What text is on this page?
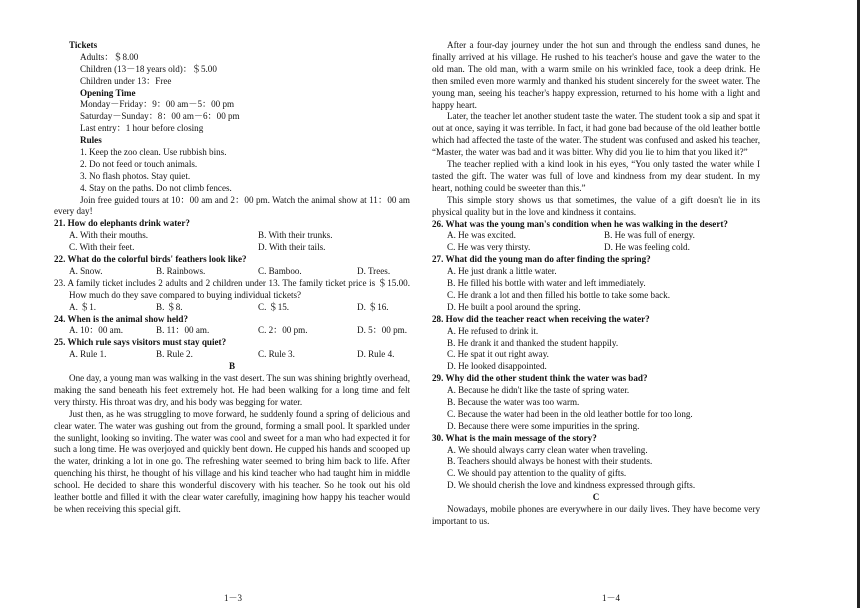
Tickets
Adults：＄8.00
Children (13－18 years old)：＄5.00
Children under 13：Free
Opening Time
Monday－Friday：9：00 am－5：00 pm
Saturday－Sunday：8：00 am－6：00 pm
Last entry：1 hour before closing
Rules
1. Keep the zoo clean. Use rubbish bins.
2. Do not feed or touch animals.
3. No flash photos. Stay quiet.
4. Stay on the paths. Do not climb fences.
Join free guided tours at 10：00 am and 2：00 pm. Watch the animal show at 11：00 am every day!
21. How do elephants drink water?
A. With their mouths.	B. With their trunks.
C. With their feet.	D. With their tails.
22. What do the colorful birds' feathers look like?
A. Snow.	B. Rainbows.	C. Bamboo.	D. Trees.
23. A family ticket includes 2 adults and 2 children under 13. The family ticket price is ＄15.00. How much do they save compared to buying individual tickets?
A. ＄1.	B. ＄8.	C. ＄15.	D. ＄16.
24. When is the animal show held?
A. 10：00 am.	B. 11：00 am.	C. 2：00 pm.	D. 5：00 pm.
25. Which rule says visitors must stay quiet?
A. Rule 1.	B. Rule 2.	C. Rule 3.	D. Rule 4.
B
One day, a young man was walking in the vast desert. The sun was shining brightly overhead, making the sand beneath his feet extremely hot. He had been walking for a long time and felt very thirsty. His throat was dry, and his body was begging for water.
Just then, as he was struggling to move forward, he suddenly found a spring of delicious and clear water. The water was gushing out from the ground, forming a small pool. It sparkled under the sunlight, looking so inviting. The water was cool and sweet for a man who had expected it for such a long time. He was overjoyed and quickly bent down. He cupped his hands and scooped up the water, drinking a lot in one go. The refreshing water seemed to bring him back to life. After quenching his thirst, he thought of his village and his kind teacher who had taught him in middle school. He decided to share this wonderful discovery with his teacher. So he took out his old leather bottle and filled it with the clear water carefully, imagining how happy his teacher would be when receiving this special gift.
After a four-day journey under the hot sun and through the endless sand dunes, he finally arrived at his village. He rushed to his teacher's house and gave the water to the old man. The old man, with a warm smile on his wrinkled face, took a deep drink. He then smiled even more warmly and thanked his student sincerely for the sweet water. The young man, seeing his teacher's happy expression, returned to his home with a light and happy heart.
Later, the teacher let another student taste the water. The student took a sip and spat it out at once, saying it was terrible. In fact, it had gone bad because of the old leather bottle which had affected the taste of the water. The student was confused and asked his teacher, “Master, the water was bad and it was bitter. Why did you lie to him that you liked it?”
The teacher replied with a kind look in his eyes, “You only tasted the water while I tasted the gift. The water was full of love and kindness from my dear student. In my heart, nothing could be sweeter than this.”
This simple story shows us that sometimes, the value of a gift doesn't lie in its physical quality but in the love and kindness it contains.
26. What was the young man's condition when he was walking in the desert?
A. He was excited.	B. He was full of energy.
C. He was very thirsty.	D. He was feeling cold.
27. What did the young man do after finding the spring?
A. He just drank a little water.
B. He filled his bottle with water and left immediately.
C. He drank a lot and then filled his bottle to take some back.
D. He built a pool around the spring.
28. How did the teacher react when receiving the water?
A. He refused to drink it.
B. He drank it and thanked the student happily.
C. He spat it out right away.
D. He looked disappointed.
29. Why did the other student think the water was bad?
A. Because he didn't like the taste of spring water.
B. Because the water was too warm.
C. Because the water had been in the old leather bottle for too long.
D. Because there were some impurities in the spring.
30. What is the main message of the story?
A. We should always carry clean water when traveling.
B. Teachers should always be honest with their students.
C. We should pay attention to the quality of gifts.
D. We should cherish the love and kindness expressed through gifts.
C
Nowadays, mobile phones are everywhere in our daily lives. They have become very important to us.
1－3	1－4
